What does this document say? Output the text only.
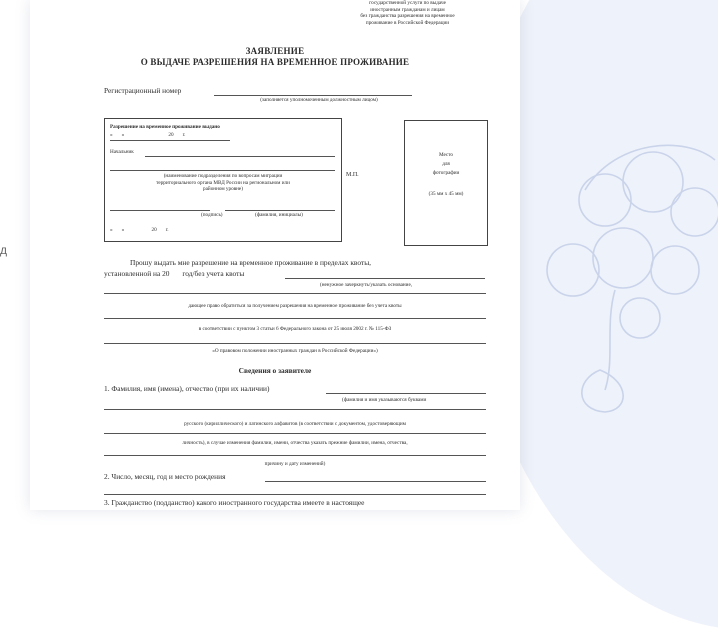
д
государственной услуги по выдаче
иностранным гражданам и лицам
без гражданства разрешения на временное
проживание в Российской Федерации
ЗАЯВЛЕНИЕ
О ВЫДАЧЕ РАЗРЕШЕНИЯ НА ВРЕМЕННОЕ ПРОЖИВАНИЕ
Регистрационный номер
(заполняется уполномоченным должностным лицом)
Разрешение на временное проживание выдано
«       »                                  20       г.
Начальник
(наименование подразделения по вопросам миграции
территориального органа МВД России на региональном или
районном уровне)
(подпись)	(фамилия, инициалы)
«       »                     20       г.
М.П.
Место
для
фотографии
(35 мм х 45 мм)
Прошу выдать мне разрешение на временное проживание в пределах квоты,
установленной на 20       год/без учета квоты
(ненужное зачеркнуть/указать основание,
дающее право обратиться за получением разрешения на временное проживание без учета квоты
в соответствии с пунктом 3 статьи 6 Федерального закона от 25 июля 2002 г. № 115-ФЗ
«О правовом положении иностранных граждан в Российской Федерации»)
Сведения о заявителе
1. Фамилия, имя (имена), отчество (при их наличии)
(фамилия и имя указываются буквами
русского (кириллического) и латинского алфавитов (в соответствии с документом, удостоверяющим
личность), в случае изменения фамилии, имени, отчества указать прежние фамилии, имена, отчества,
причину и дату изменений)
2. Число, месяц, год и место рождения
3. Гражданство (подданство) какого иностранного государства имеете в настоящее
